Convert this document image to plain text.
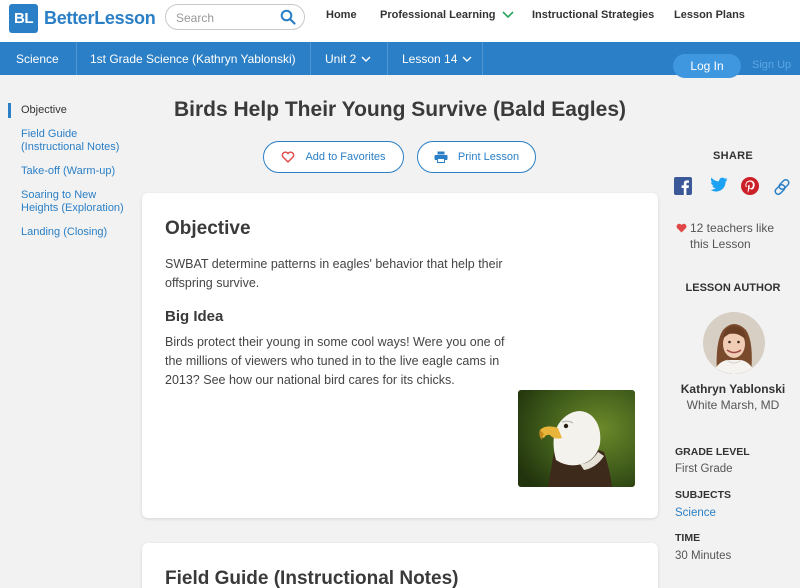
BL BetterLesson
Search	Home Professional Learning	Instructional Strategies Lesson Plans
Science	1st Grade Science (Kathryn Yablonski) Unit 2	Lesson 14	Log In	Sign Up
Objective
Field Guide (Instructional Notes)
Take-off (Warm-up)
Soaring to New Heights (Exploration)
Landing (Closing)
Birds Help Their Young Survive (Bald Eagles)
Add to Favorites	Print Lesson
Objective

SWBAT determine patterns in eagles' behavior that help their offspring survive.

Big Idea

Birds protect their young in some cool ways! Were you one of the millions of viewers who tuned in to the live eagle cams in 2013? See how our national bird cares for its chicks.

Field Guide (Instructional Notes)
SHARE
12 teachers like this Lesson
LESSON AUTHOR
Kathryn Yablonski
White Marsh, MD
GRADE LEVEL
First Grade
SUBJECTS
Science
TIME
30 Minutes
